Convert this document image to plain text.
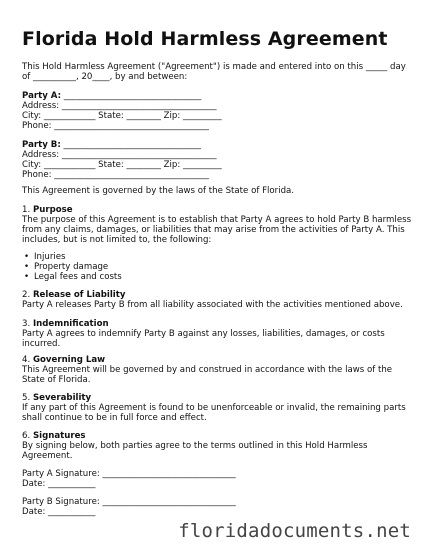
Florida Hold Harmless Agreement
This Hold Harmless Agreement ("Agreement") is made and entered into on this _____ day
of __________, 20____, by and between:
Party A: ________________________________
Address: ____________________________________
City: ____________ State: ________ Zip: _________
Phone: ____________________________________
Party B: ________________________________
Address: ____________________________________
City: ____________ State: ________ Zip: _________
Phone: ____________________________________
This Agreement is governed by the laws of the State of Florida.
1. Purpose
The purpose of this Agreement is to establish that Party A agrees to hold Party B harmless
from any claims, damages, or liabilities that may arise from the activities of Party A. This
includes, but is not limited to, the following:
• Injuries
• Property damage
• Legal fees and costs
2. Release of Liability
Party A releases Party B from all liability associated with the activities mentioned above.
3. Indemnification
Party A agrees to indemnify Party B against any losses, liabilities, damages, or costs
incurred.
4. Governing Law
This Agreement will be governed by and construed in accordance with the laws of the
State of Florida.
5. Severability
If any part of this Agreement is found to be unenforceable or invalid, the remaining parts
shall continue to be in full force and effect.
6. Signatures
By signing below, both parties agree to the terms outlined in this Hold Harmless
Agreement.
Party A Signature: _______________________________
Date: ___________
Party B Signature: _______________________________
Date: ___________
floridadocuments.net
